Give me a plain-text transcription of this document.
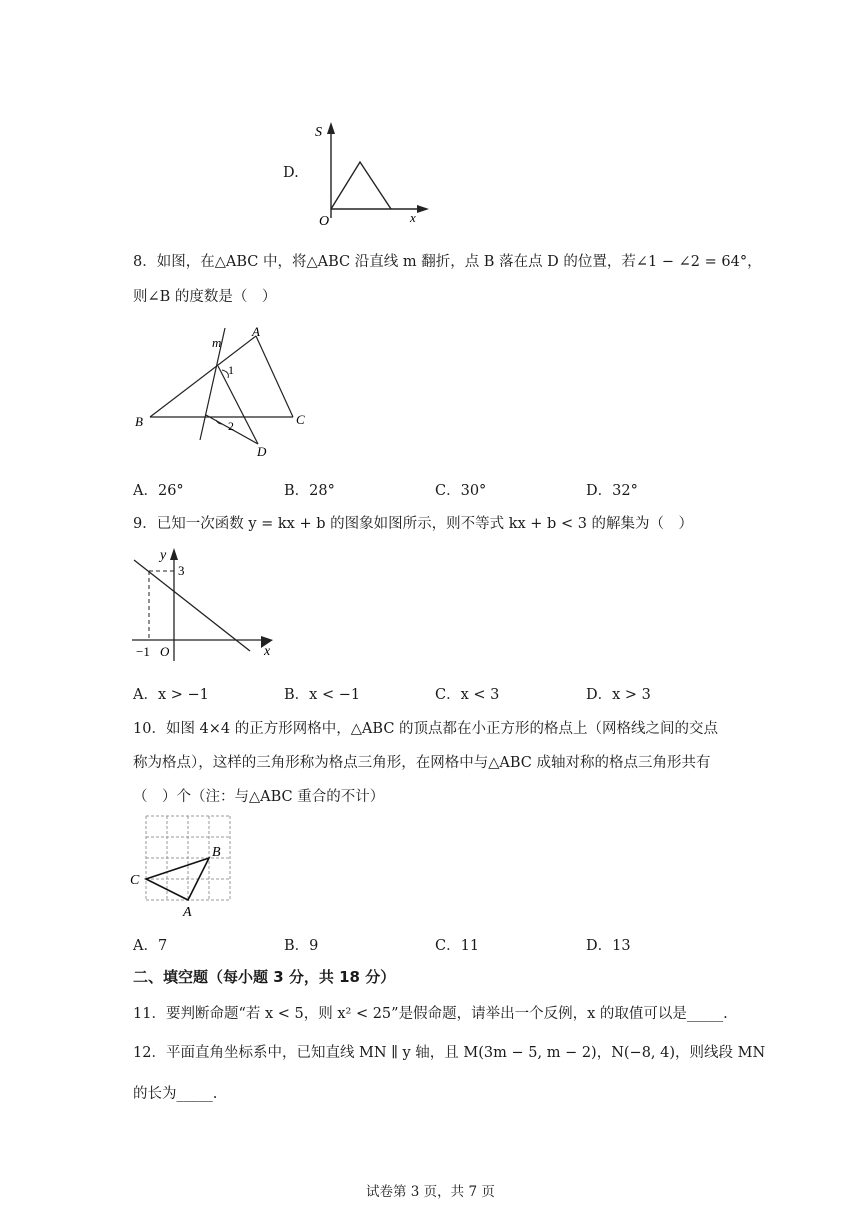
D.
S
O	x
8．如图，在△ABC 中，将△ABC 沿直线 m 翻折，点 B 落在点 D 的位置，若∠1 − ∠2 = 64°，
则∠B 的度数是（　）
m
A
B	C
D
1
2
A．26°	B．28°	C．30°	D．32°
9．已知一次函数 y = kx + b 的图象如图所示，则不等式 kx + b < 3 的解集为（　）
y
3
−1 O	x
A．x > −1	B．x < −1	C．x < 3	D．x > 3
10．如图 4×4 的正方形网格中，△ABC 的顶点都在小正方形的格点上（网格线之间的交点
称为格点），这样的三角形称为格点三角形，在网格中与△ABC 成轴对称的格点三角形共有
（　）个（注：与△ABC 重合的不计）
C
B
A
A．7	B．9	C．11	D．13
二、填空题（每小题 3 分，共 18 分）
11．要判断命题“若 x < 5，则 x² < 25”是假命题，请举出一个反例，x 的取值可以是_____.
12．平面直角坐标系中，已知直线 MN ∥ y 轴，且 M(3m − 5, m − 2)，N(−8, 4)，则线段 MN
的长为_____.
试卷第 3 页，共 7 页
